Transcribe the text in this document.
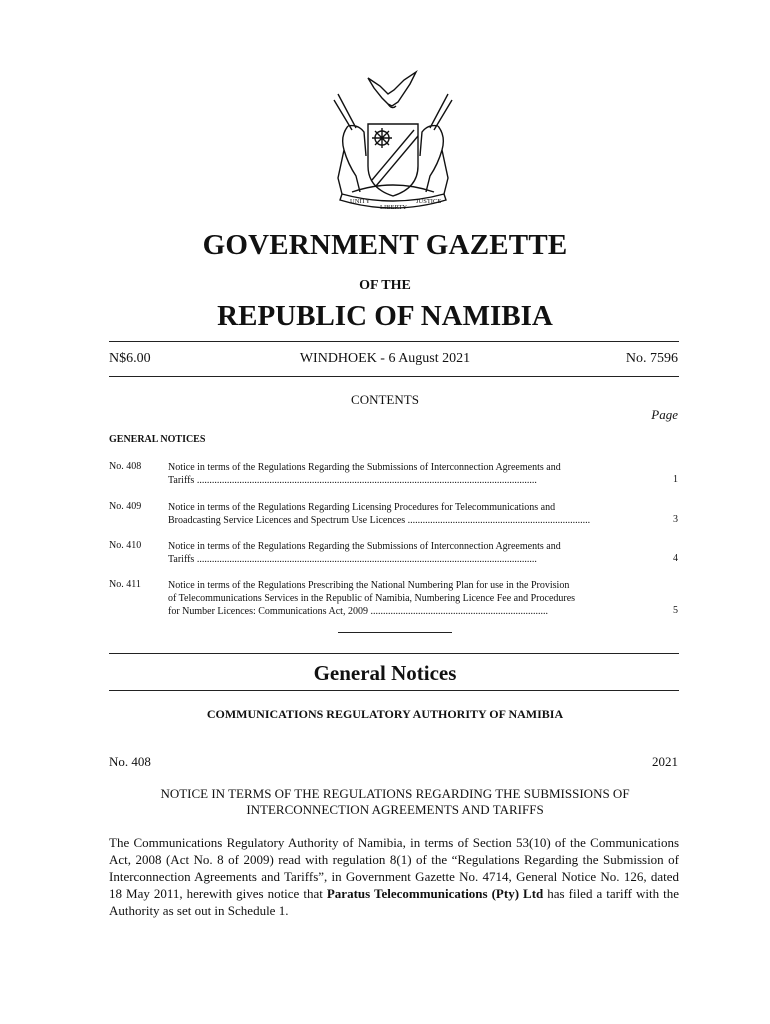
UNITY
LIBERTY
JUSTICE
GOVERNMENT GAZETTE
OF THE
REPUBLIC OF NAMIBIA
N$6.00	WINDHOEK - 6 August 2021	No. 7596
CONTENTS
Page
GENERAL NOTICES
No. 408	Notice in terms of the Regulations Regarding the Submissions of Interconnection Agreements and
Tariffs ........................................................................................................................................	1
No. 409	Notice in terms of the Regulations Regarding Licensing Procedures for Telecommunications and
Broadcasting Service Licences and Spectrum Use Licences .........................................................................	3
No. 410	Notice in terms of the Regulations Regarding the Submissions of Interconnection Agreements and
Tariffs ........................................................................................................................................	4
No. 411	Notice in terms of the Regulations Prescribing the National Numbering Plan for use in the Provision
of Telecommunications Services in the Republic of Namibia, Numbering Licence Fee and Procedures
for Number Licences: Communications Act, 2009 .......................................................................	5
General Notices
COMMUNICATIONS REGULATORY AUTHORITY OF NAMIBIA
No. 408	2021
NOTICE IN TERMS OF THE REGULATIONS REGARDING THE SUBMISSIONS OF
INTERCONNECTION AGREEMENTS AND TARIFFS
The Communications Regulatory Authority of Namibia, in terms of Section 53(10) of the Communications Act, 2008 (Act No. 8 of 2009) read with regulation 8(1) of the “Regulations Regarding the Submission of Interconnection Agreements and Tariffs”, in Government Gazette No. 4714, General Notice No. 126, dated 18 May 2011, herewith gives notice that Paratus Telecommunications (Pty) Ltd has filed a tariff with the Authority as set out in Schedule 1.
